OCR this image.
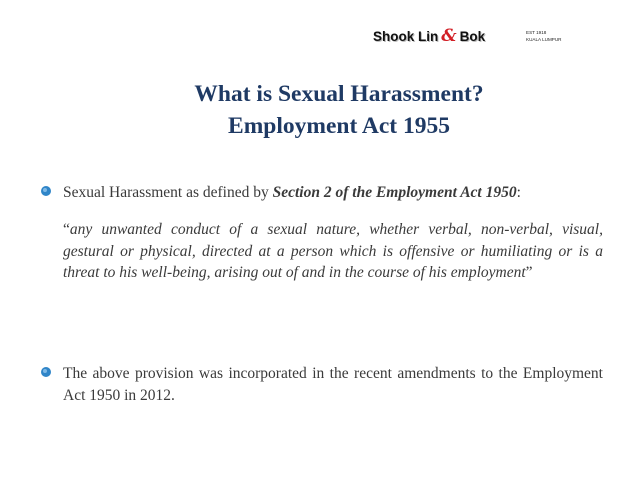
Shook Lin & Bok	EST 1918
KUALA LUMPUR
What is Sexual Harassment?
Employment Act 1955
Sexual Harassment as defined by Section 2 of the Employment Act 1950:
“any unwanted conduct of a sexual nature, whether verbal, non-verbal, visual, gestural or physical, directed at a person which is offensive or humiliating or is a threat to his well-being, arising out of and in the course of his employment”
The above provision was incorporated in the recent amendments to the Employment Act 1950 in 2012.
